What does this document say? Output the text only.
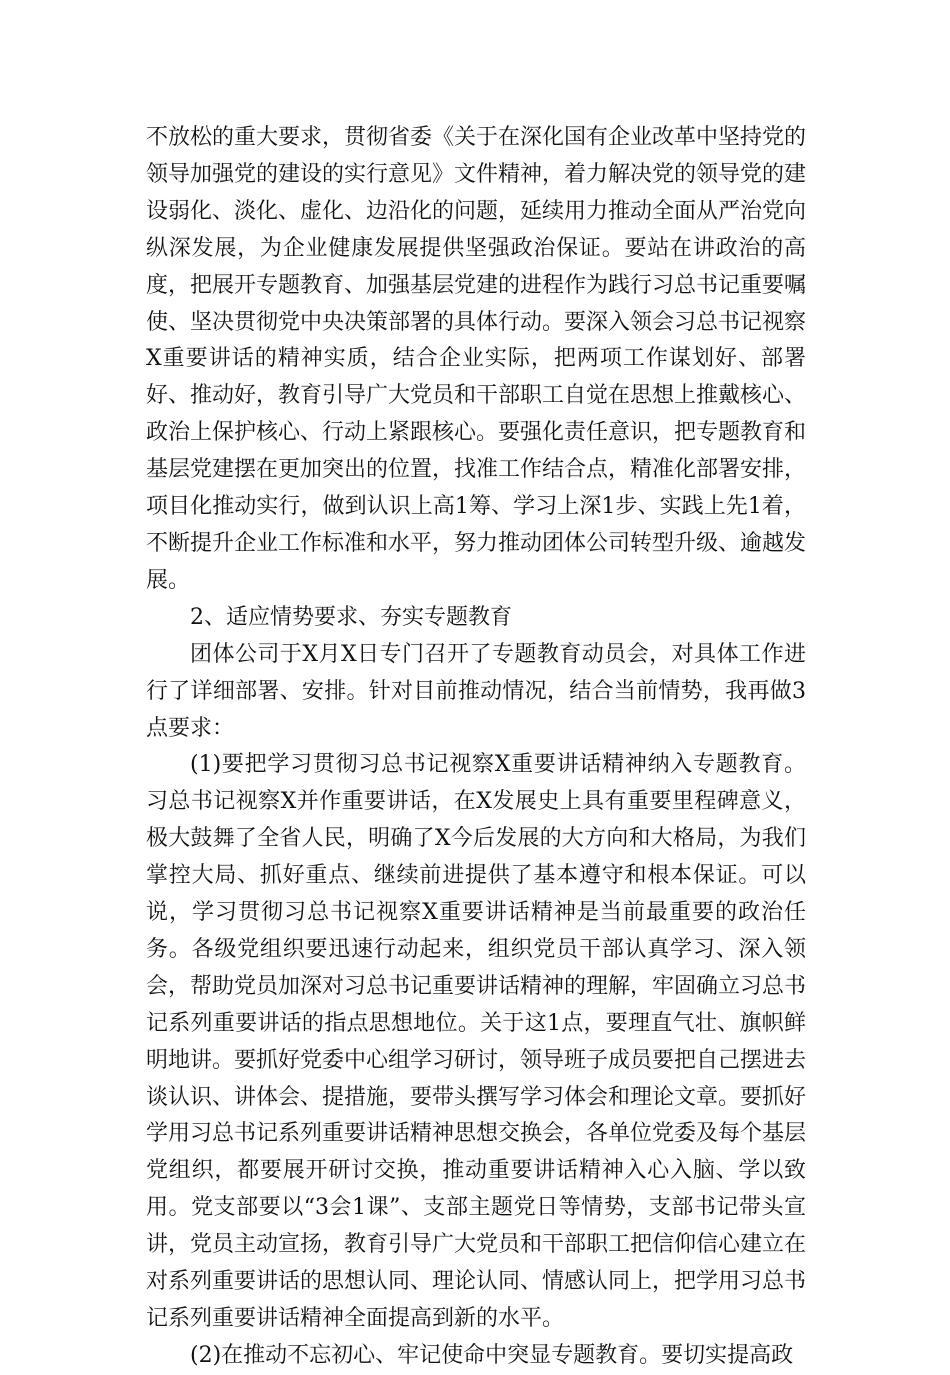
不放松的重大要求，贯彻省委《关于在深化国有企业改革中坚持党的领导加强党的建设的实行意见》文件精神，着力解决党的领导党的建设弱化、淡化、虚化、边沿化的问题，延续用力推动全面从严治党向纵深发展，为企业健康发展提供坚强政治保证。要站在讲政治的高度，把展开专题教育、加强基层党建的进程作为践行习总书记重要嘱使、坚决贯彻党中央决策部署的具体行动。要深入领会习总书记视察X重要讲话的精神实质，结合企业实际，把两项工作谋划好、部署好、推动好，教育引导广大党员和干部职工自觉在思想上推戴核心、政治上保护核心、行动上紧跟核心。要强化责任意识，把专题教育和基层党建摆在更加突出的位置，找准工作结合点，精准化部署安排，项目化推动实行，做到认识上高1筹、学习上深1步、实践上先1着，不断提升企业工作标准和水平，努力推动团体公司转型升级、逾越发展。

2、适应情势要求、夯实专题教育

团体公司于X月X日专门召开了专题教育动员会，对具体工作进行了详细部署、安排。针对目前推动情况，结合当前情势，我再做3点要求：

(1)要把学习贯彻习总书记视察X重要讲话精神纳入专题教育。习总书记视察X并作重要讲话，在X发展史上具有重要里程碑意义，极大鼓舞了全省人民，明确了X今后发展的大方向和大格局，为我们掌控大局、抓好重点、继续前进提供了基本遵守和根本保证。可以说，学习贯彻习总书记视察X重要讲话精神是当前最重要的政治任务。各级党组织要迅速行动起来，组织党员干部认真学习、深入领会，帮助党员加深对习总书记重要讲话精神的理解，牢固确立习总书记系列重要讲话的指点思想地位。关于这1点，要理直气壮、旗帜鲜明地讲。要抓好党委中心组学习研讨，领导班子成员要把自己摆进去谈认识、讲体会、提措施，要带头撰写学习体会和理论文章。要抓好学用习总书记系列重要讲话精神思想交换会，各单位党委及每个基层党组织，都要展开研讨交换，推动重要讲话精神入心入脑、学以致用。党支部要以“3会1课”、支部主题党日等情势，支部书记带头宣讲，党员主动宣扬，教育引导广大党员和干部职工把信仰信心建立在对系列重要讲话的思想认同、理论认同、情感认同上，把学用习总书记系列重要讲话精神全面提高到新的水平。

(2)在推动不忘初心、牢记使命中突显专题教育。要切实提高政
